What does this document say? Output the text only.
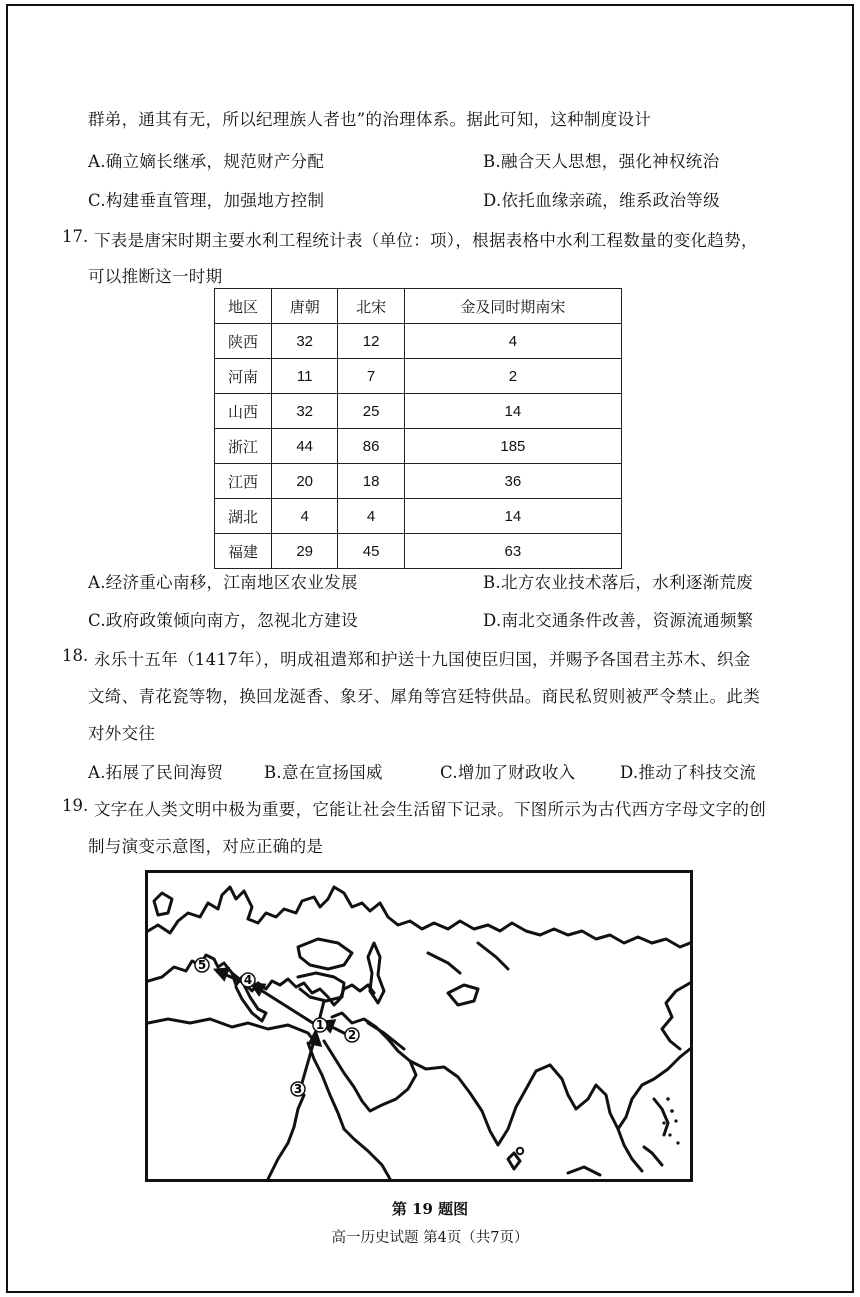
群弟，通其有无，所以纪理族人者也”的治理体系。据此可知，这种制度设计
A.确立嫡长继承，规范财产分配	B.融合天人思想，强化神权统治
C.构建垂直管理，加强地方控制	D.依托血缘亲疏，维系政治等级
17. 下表是唐宋时期主要水利工程统计表（单位：项），根据表格中水利工程数量的变化趋势，
可以推断这一时期
地区	唐朝	北宋	金及同时期南宋
陕西	32	12	4
河南	11	7	2
山西	32	25	14
浙江	44	86	185
江西	20	18	36
湖北	4	4	14
福建	29	45	63
A.经济重心南移，江南地区农业发展	B.北方农业技术落后，水利逐渐荒废
C.政府政策倾向南方，忽视北方建设	D.南北交通条件改善，资源流通频繁
18. 永乐十五年（1417年），明成祖遣郑和护送十九国使臣归国，并赐予各国君主苏木、织金
文绮、青花瓷等物，换回龙涎香、象牙、犀角等宫廷特供品。商民私贸则被严令禁止。此类
对外交往
A.拓展了民间海贸 B.意在宣扬国威	C.增加了财政收入	D.推动了科技交流
19. 文字在人类文明中极为重要，它能让社会生活留下记录。下图所示为古代西方字母文字的创
制与演变示意图，对应正确的是
1
2
3
4
5
第 19 题图
高一历史试题 第4页（共7页）
